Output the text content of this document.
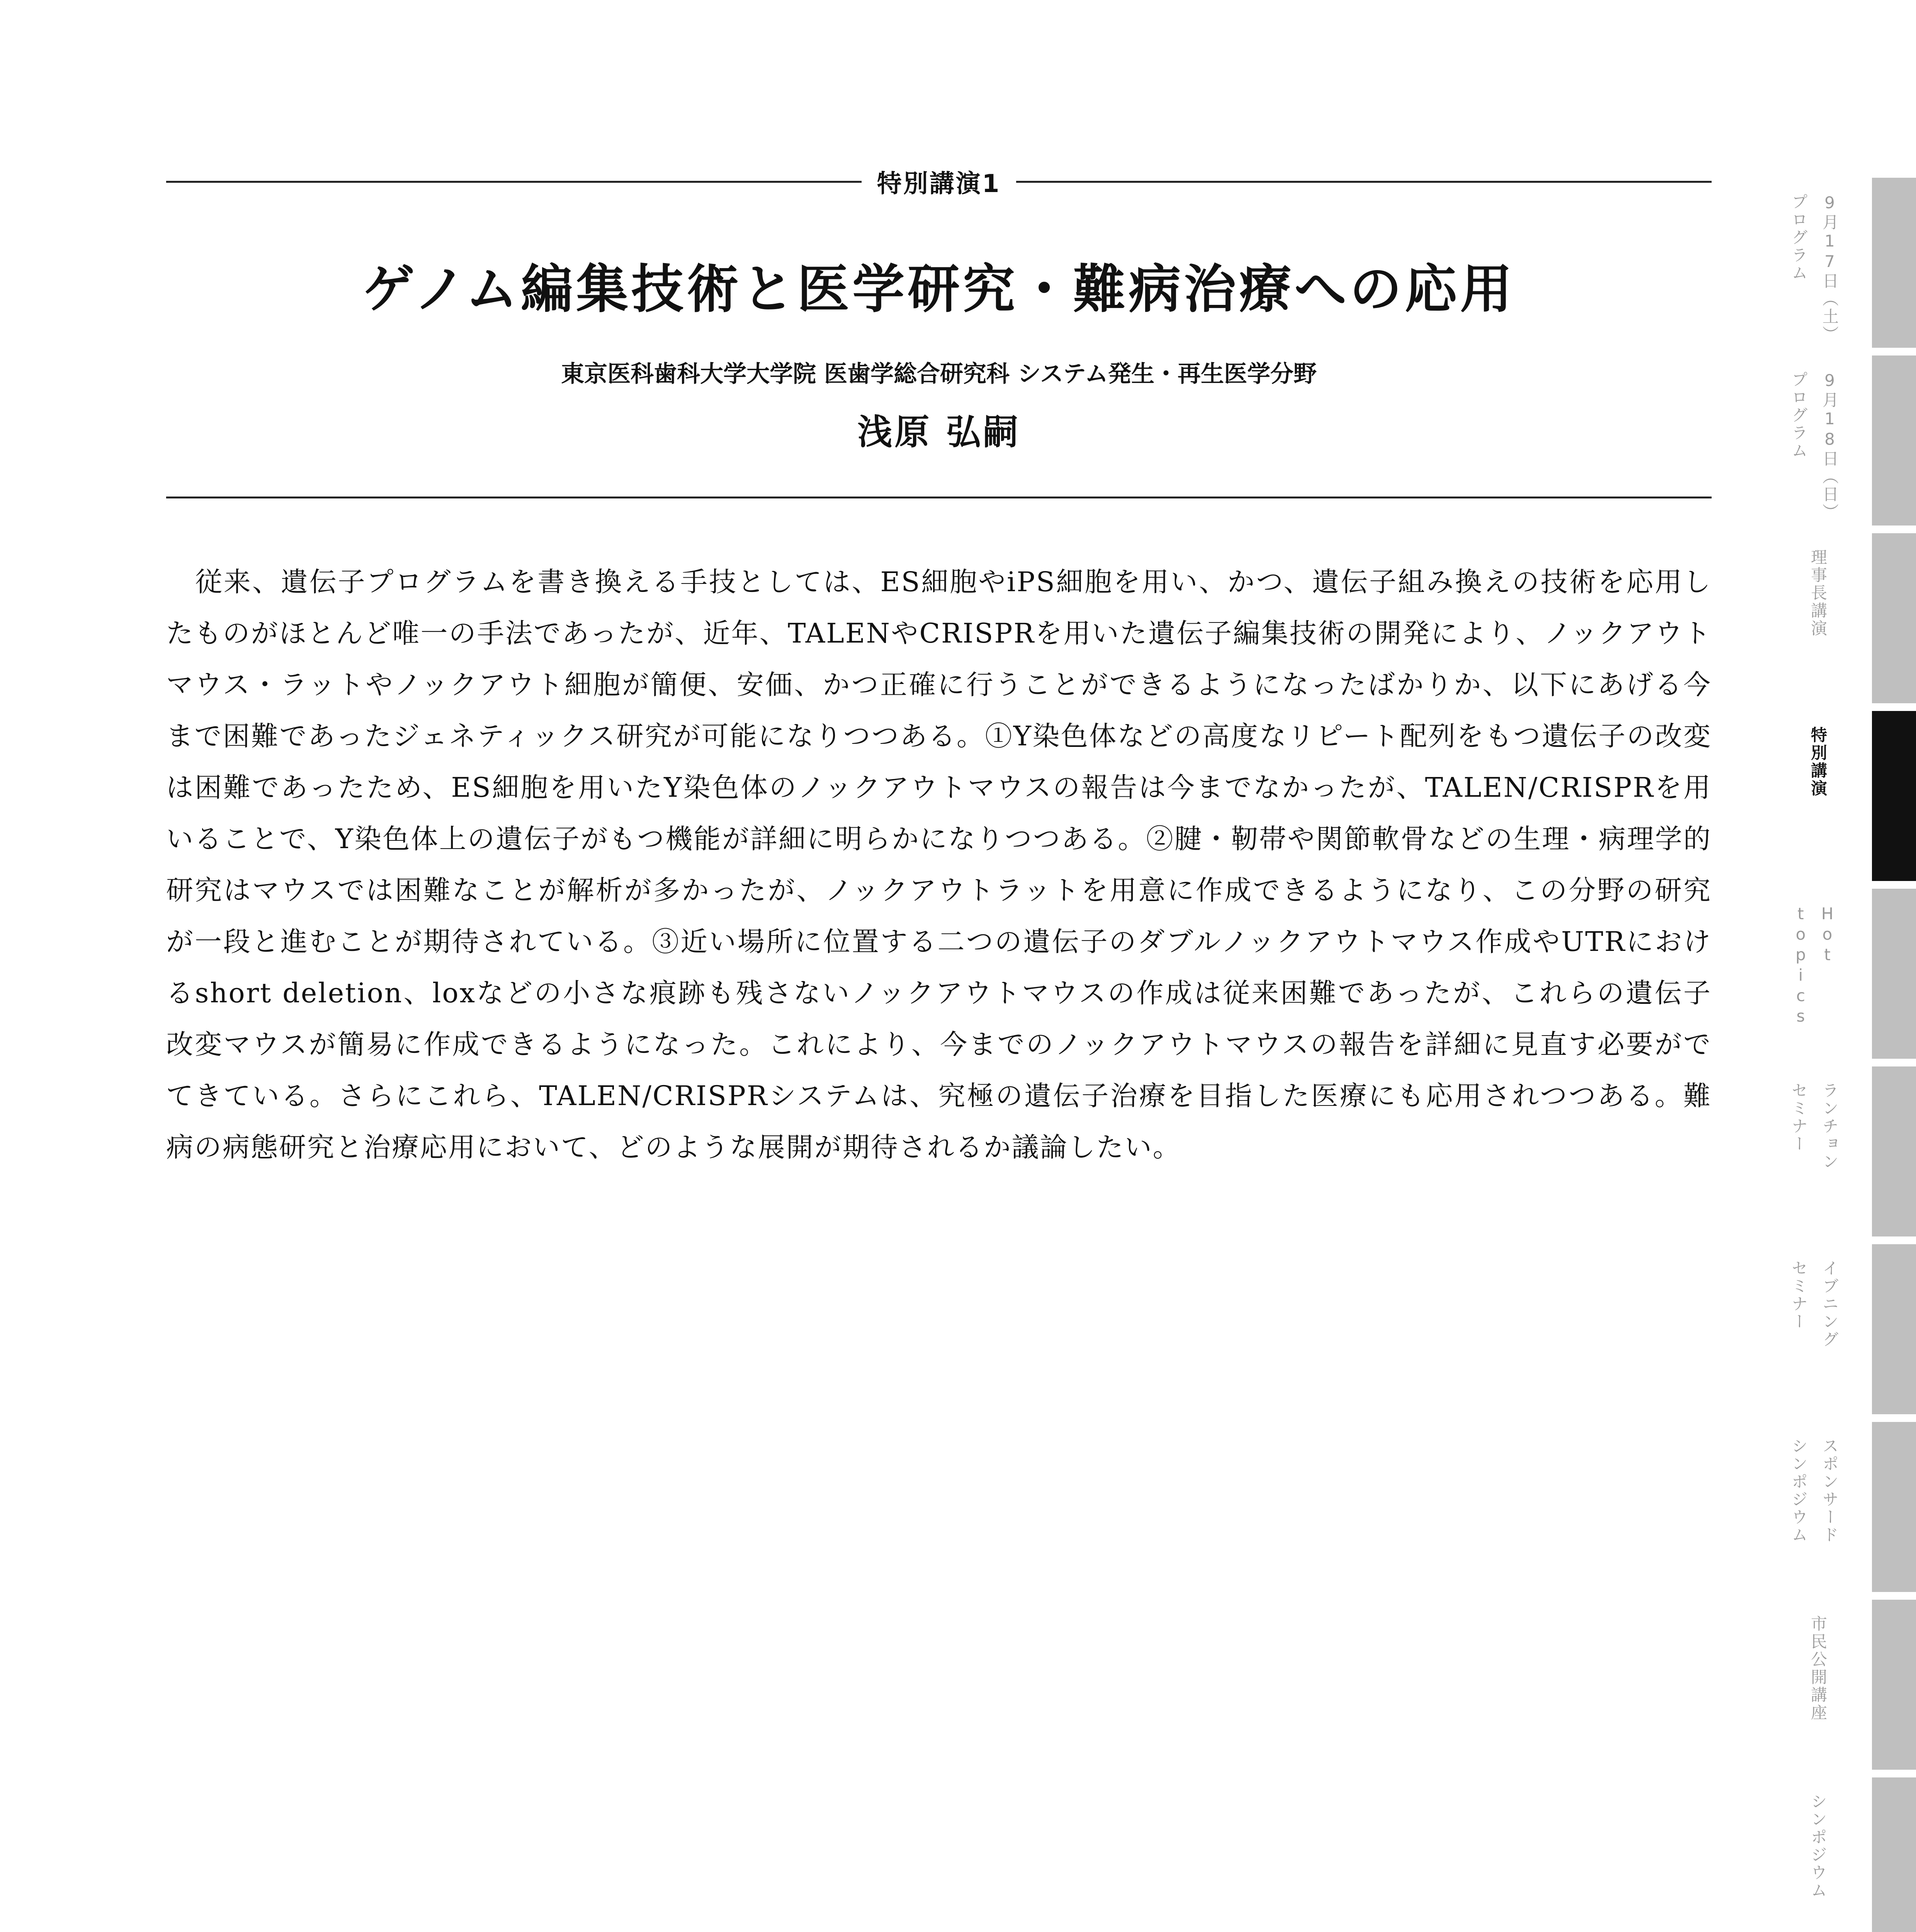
特別講演1
ゲノム編集技術と医学研究・難病治療への応用
東京医科歯科大学大学院 医歯学総合研究科 システム発生・再生医学分野
浅原 弘嗣

従来、遺伝子プログラムを書き換える手技としては、ES細胞やiPS細胞を用い、かつ、遺伝子組み換えの技術を応用したものがほとんど唯一の手法であったが、近年、TALENやCRISPRを用いた遺伝子編集技術の開発により、ノックアウトマウス・ラットやノックアウト細胞が簡便、安価、かつ正確に行うことができるようになったばかりか、以下にあげる今まで困難であったジェネティックス研究が可能になりつつある。①Y染色体などの高度なリピート配列をもつ遺伝子の改変は困難であったため、ES細胞を用いたY染色体のノックアウトマウスの報告は今までなかったが、TALEN/CRISPRを用いることで、Y染色体上の遺伝子がもつ機能が詳細に明らかになりつつある。②腱・靭帯や関節軟骨などの生理・病理学的研究はマウスでは困難なことが解析が多かったが、ノックアウトラットを用意に作成できるようになり、この分野の研究が一段と進むことが期待されている。③近い場所に位置する二つの遺伝子のダブルノックアウトマウス作成やUTRにおけるshort deletion、loxなどの小さな痕跡も残さないノックアウトマウスの作成は従来困難であったが、これらの遺伝子改変マウスが簡易に作成できるようになった。これにより、今までのノックアウトマウスの報告を詳細に見直す必要がでてきている。さらにこれら、TALEN/CRISPRシステムは、究極の遺伝子治療を目指した医療にも応用されつつある。難病の病態研究と治療応用において、どのような展開が期待されるか議論したい。

9月17日（土）
プログラム
9月18日（日）
プログラム
理事長講演
特別講演
Hot
topics
ランチョン
セミナー
イブニング
セミナー
スポンサード
シンポジウム
市民公開講座
シンポジウム
